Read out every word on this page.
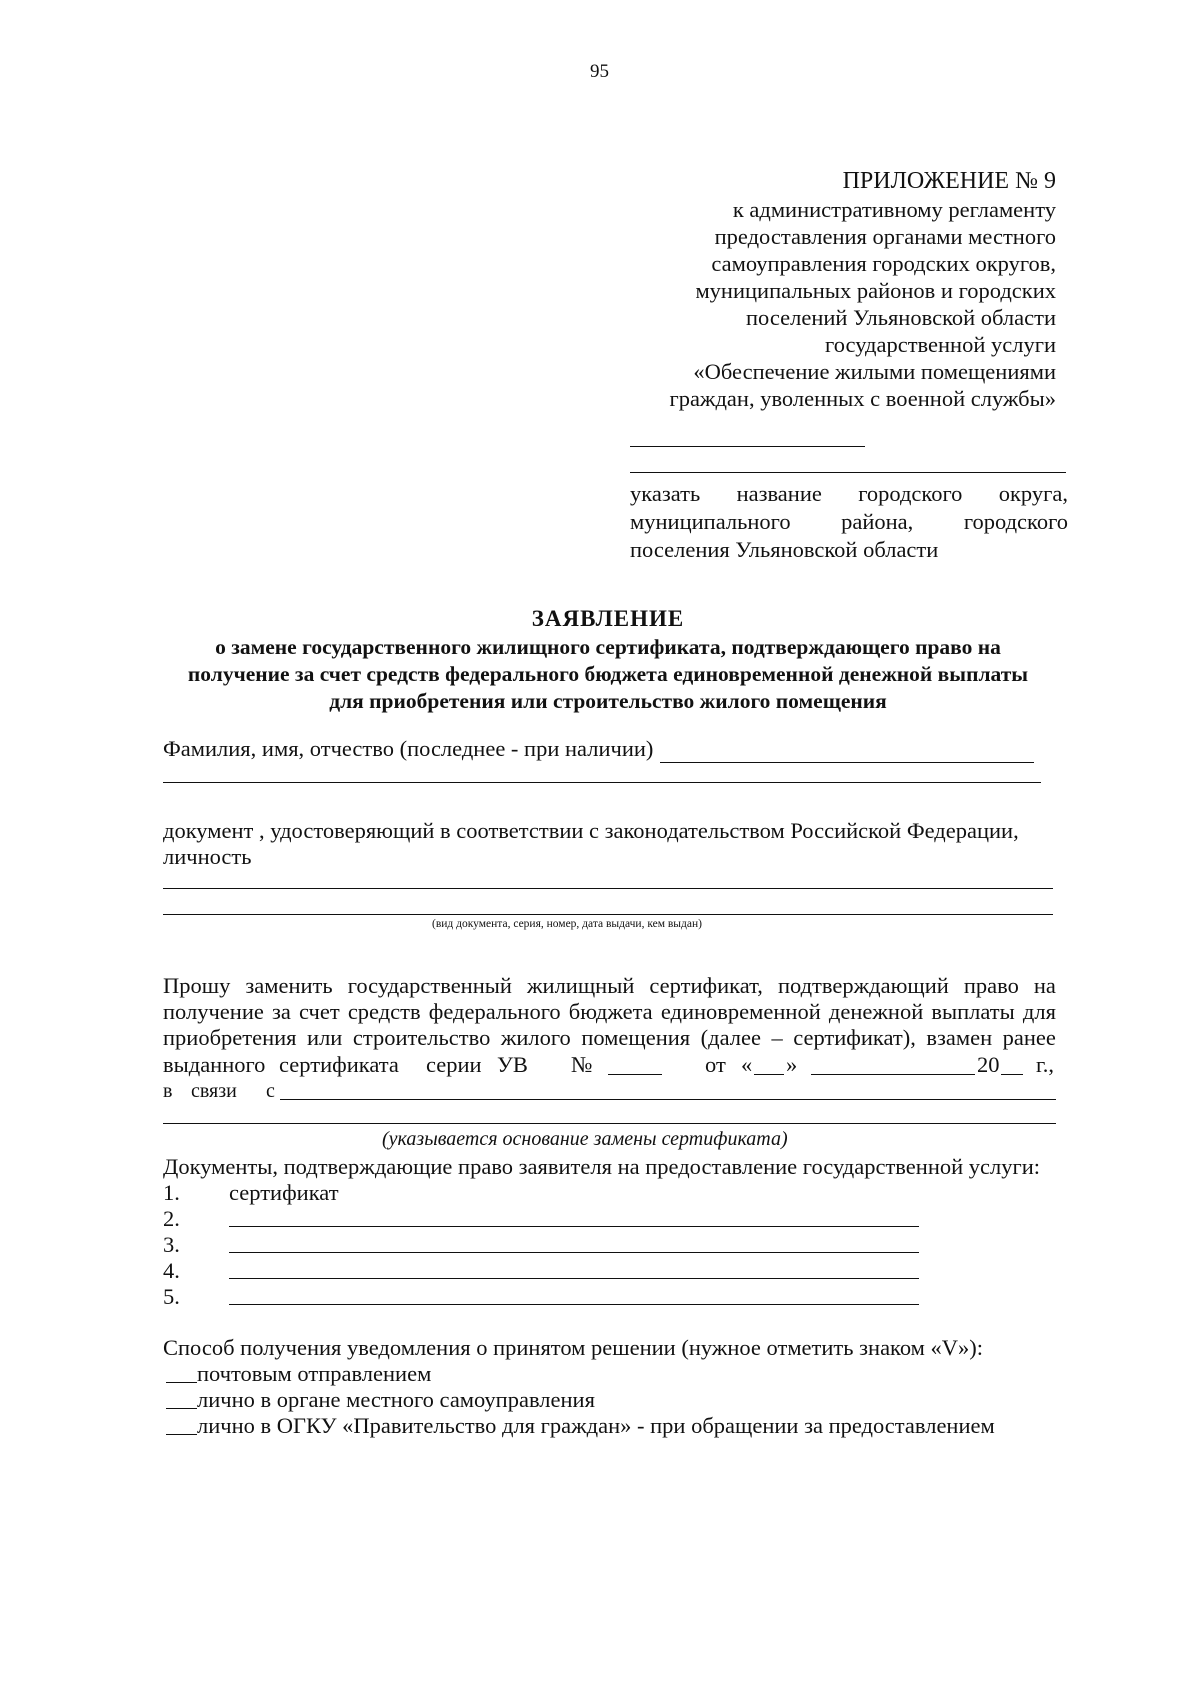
95
ПРИЛОЖЕНИЕ № 9
к административному регламенту
предоставления органами местного
самоуправления городских округов,
муниципальных районов и городских
поселений Ульяновской области
государственной услуги
«Обеспечение жилыми помещениями
граждан, уволенных с военной службы»
указать название городского округа,
муниципального района, городского
поселения Ульяновской области
ЗАЯВЛЕНИЕ
о замене государственного жилищного сертификата, подтверждающего право на
получение за счет средств федерального бюджета единовременной денежной выплаты
для приобретения или строительство жилого помещения
Фамилия, имя, отчество (последнее - при наличии)
документ , удостоверяющий в соответствии с законодательством Российской Федерации,
личность
(вид документа, серия, номер, дата выдачи, кем выдан)
Прошу заменить государственный жилищный сертификат, подтверждающий право на
получение за счет средств федерального бюджета единовременной денежной выплаты для
приобретения или строительство жилого помещения (далее – сертификат), взамен ранее
выданного сертификата серии УВ №	от « »	20 г.,
в связи с
(указывается основание замены сертификата)
Документы, подтверждающие право заявителя на предоставление государственной услуги:
1. сертификат
2.
3.
4.
5.
Способ получения уведомления о принятом решении (нужное отметить знаком «V»):
почтовым отправлением
лично в органе местного самоуправления
лично в ОГКУ «Правительство для граждан» - при обращении за предоставлением
